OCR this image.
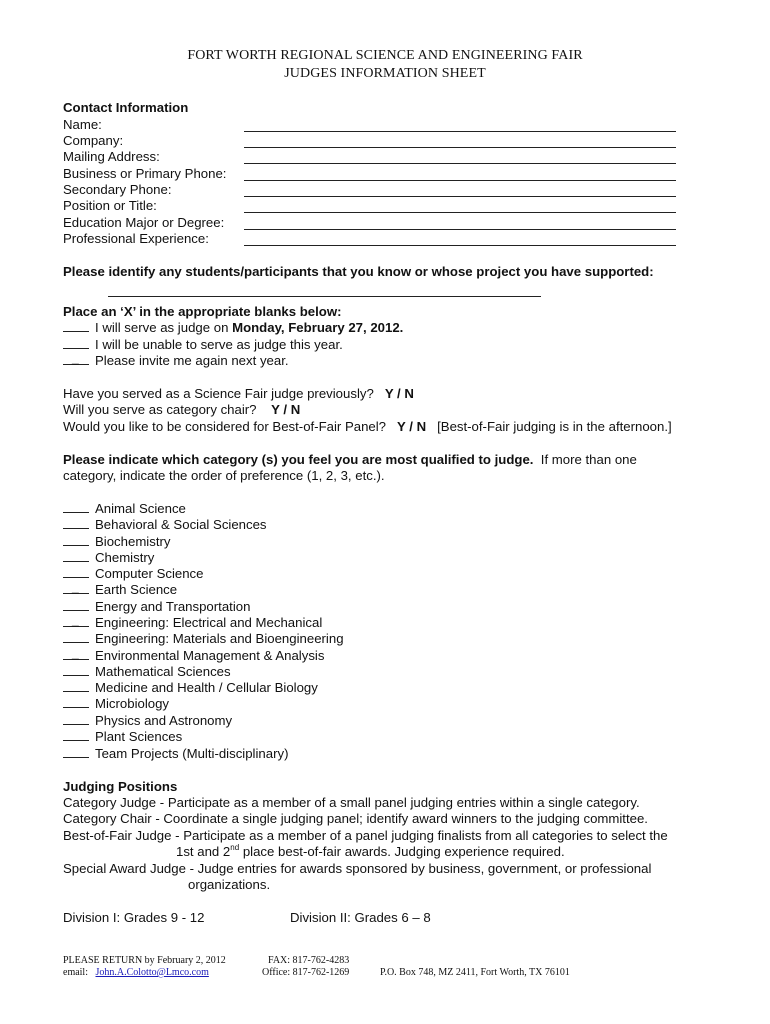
FORT WORTH REGIONAL SCIENCE AND ENGINEERING FAIR
JUDGES INFORMATION SHEET
Contact Information
Name:
Company:
Mailing Address:
Business or Primary Phone:
Secondary Phone:
Position or Title:
Education Major or Degree:
Professional Experience:
Please identify any students/participants that you know or whose project you have supported:
Place an ‘X’ in the appropriate blanks below:
I will serve as judge on Monday, February 27, 2012.
I will be unable to serve as judge this year.
_ Please invite me again next year.
Have you served as a Science Fair judge previously? Y / N
Will you serve as category chair? Y / N
Would you like to be considered for Best-of-Fair Panel? Y / N [Best-of-Fair judging is in the afternoon.]
Please indicate which category (s) you feel you are most qualified to judge. If more than one
category, indicate the order of preference (1, 2, 3, etc.).
Animal Science
Behavioral & Social Sciences
Biochemistry
Chemistry
Computer Science
_ Earth Science
Energy and Transportation
_ Engineering: Electrical and Mechanical
Engineering: Materials and Bioengineering
_ Environmental Management & Analysis
Mathematical Sciences
Medicine and Health / Cellular Biology
Microbiology
Physics and Astronomy
Plant Sciences
Team Projects (Multi-disciplinary)
Judging Positions
Category Judge - Participate as a member of a small panel judging entries within a single category.
Category Chair - Coordinate a single judging panel; identify award winners to the judging committee.
Best-of-Fair Judge - Participate as a member of a panel judging finalists from all categories to select the
1st and 2nd place best-of-fair awards. Judging experience required.
Special Award Judge - Judge entries for awards sponsored by business, government, or professional
organizations.
Division I: Grades 9 - 12	Division II: Grades 6 – 8
PLEASE RETURN by February 2, 2012
email: John.A.Colotto@Lmco.com
FAX: 817-762-4283
Office: 817-762-1269	P.O. Box 748, MZ 2411, Fort Worth, TX 76101
